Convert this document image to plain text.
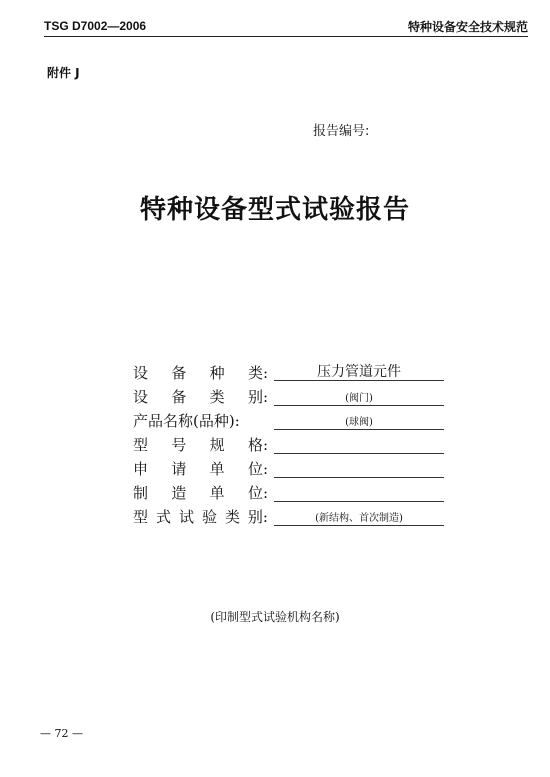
TSG D7002—2006	特种设备安全技术规范
附件 J
报告编号:
特种设备型式试验报告
设 备 种 类:	压力管道元件
设 备 类 别:	(阀门)
产品名称(品种):	(球阀)
型 号 规 格:
申 请 单 位:
制 造 单 位:
型 式 试 验 类 别:	(新结构、首次制造)
(印制型式试验机构名称)
— 72 —
